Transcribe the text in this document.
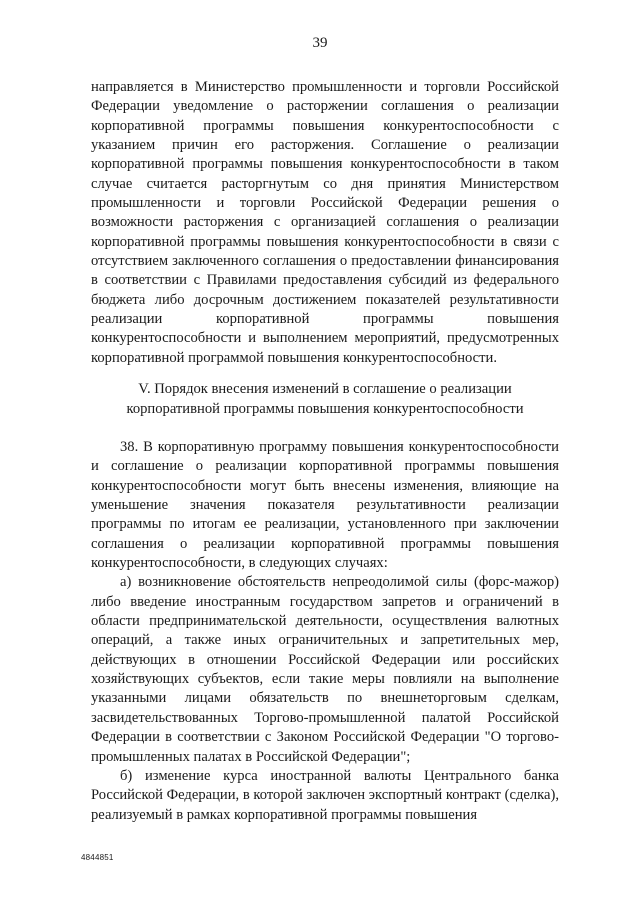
39

направляется в Министерство промышленности и торговли Российской Федерации уведомление о расторжении соглашения о реализации корпоративной программы повышения конкурентоспособности с указанием причин его расторжения. Соглашение о реализации корпоративной программы повышения конкурентоспособности в таком случае считается расторгнутым со дня принятия Министерством промышленности и торговли Российской Федерации решения о возможности расторжения с организацией соглашения о реализации корпоративной программы повышения конкурентоспособности в связи с отсутствием заключенного соглашения о предоставлении финансирования в соответствии с Правилами предоставления субсидий из федерального бюджета либо досрочным достижением показателей результативности реализации корпоративной программы повышения конкурентоспособности и выполнением мероприятий, предусмотренных корпоративной программой повышения конкурентоспособности.

V. Порядок внесения изменений в соглашение о реализации
корпоративной программы повышения конкурентоспособности

38. В корпоративную программу повышения конкурентоспособности и соглашение о реализации корпоративной программы повышения конкурентоспособности могут быть внесены изменения, влияющие на уменьшение значения показателя результативности реализации программы по итогам ее реализации, установленного при заключении соглашения о реализации корпоративной программы повышения конкурентоспособности, в следующих случаях:

а) возникновение обстоятельств непреодолимой силы (форс-мажор) либо введение иностранным государством запретов и ограничений в области предпринимательской деятельности, осуществления валютных операций, а также иных ограничительных и запретительных мер, действующих в отношении Российской Федерации или российских хозяйствующих субъектов, если такие меры повлияли на выполнение указанными лицами обязательств по внешнеторговым сделкам, засвидетельствованных Торгово-промышленной палатой Российской Федерации в соответствии с Законом Российской Федерации "О торгово-промышленных палатах в Российской Федерации";

б) изменение курса иностранной валюты Центрального банка Российской Федерации, в которой заключен экспортный контракт (сделка), реализуемый в рамках корпоративной программы повышения

4844851
